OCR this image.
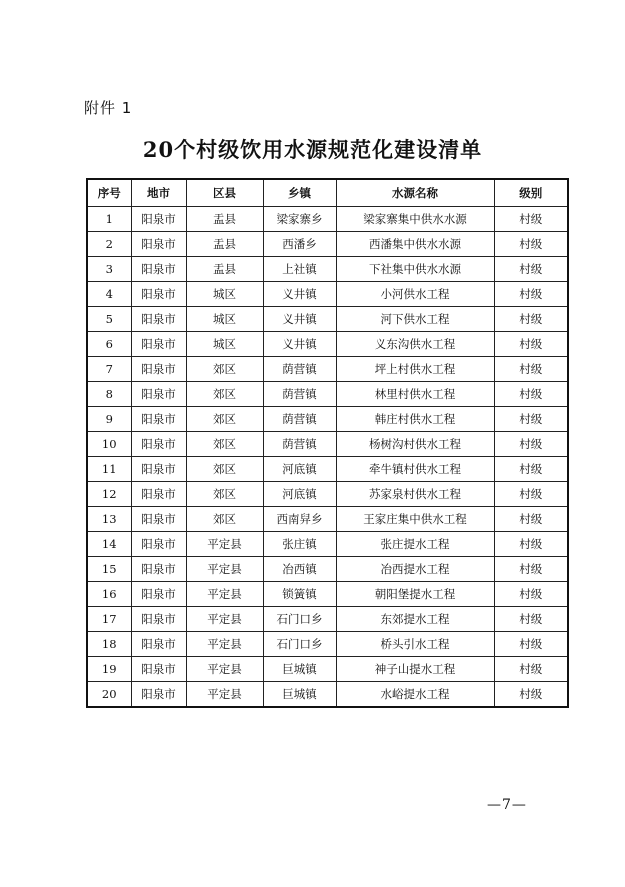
附件 1
20个村级饮用水源规范化建设清单
序号	地市	区县	乡镇	水源名称	级别
1	阳泉市	盂县	梁家寨乡	梁家寨集中供水水源	村级
2	阳泉市	盂县	西潘乡	西潘集中供水水源	村级
3	阳泉市	盂县	上社镇	下社集中供水水源	村级
4	阳泉市	城区	义井镇	小河供水工程	村级
5	阳泉市	城区	义井镇	河下供水工程	村级
6	阳泉市	城区	义井镇	义东沟供水工程	村级
7	阳泉市	郊区	荫营镇	坪上村供水工程	村级
8	阳泉市	郊区	荫营镇	林里村供水工程	村级
9	阳泉市	郊区	荫营镇	韩庄村供水工程	村级
10	阳泉市	郊区	荫营镇	杨树沟村供水工程	村级
11	阳泉市	郊区	河底镇	牵牛镇村供水工程	村级
12	阳泉市	郊区	河底镇	苏家泉村供水工程	村级
13	阳泉市	郊区	西南舁乡	王家庄集中供水工程	村级
14	阳泉市	平定县	张庄镇	张庄提水工程	村级
15	阳泉市	平定县	冶西镇	冶西提水工程	村级
16	阳泉市	平定县	锁簧镇	朝阳堡提水工程	村级
17	阳泉市	平定县	石门口乡	东郊提水工程	村级
18	阳泉市	平定县	石门口乡	桥头引水工程	村级
19	阳泉市	平定县	巨城镇	神子山提水工程	村级
20	阳泉市	平定县	巨城镇	水峪提水工程	村级
—7—
